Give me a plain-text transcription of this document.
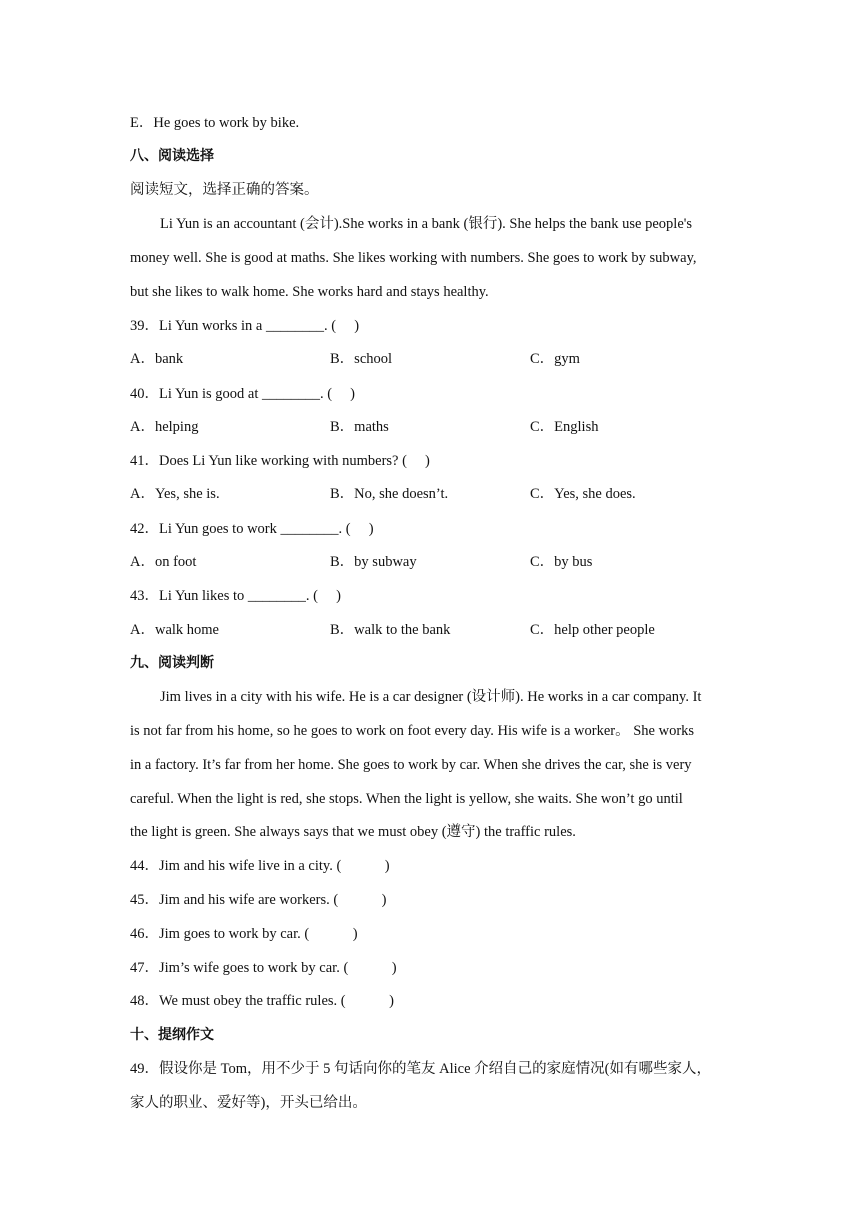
E．He goes to work by bike.
八、阅读选择
阅读短文，选择正确的答案。
Li Yun is an accountant (会计).She works in a bank (银行). She helps the bank use people's
money well. She is good at maths. She likes working with numbers. She goes to work by subway,
but she likes to walk home. She works hard and stays healthy.
39．Li Yun works in a ________. (　 )
A．bank	B．school	C．gym
40．Li Yun is good at ________. (　 )
A．helping	B．maths	C．English
41．Does Li Yun like working with numbers? (　 )
A．Yes, she is.	B．No, she doesn’t.	C．Yes, she does.
42．Li Yun goes to work ________. (　 )
A．on foot	B．by subway	C．by bus
43．Li Yun likes to ________. (　 )
A．walk home	B．walk to the bank	C．help other people
九、阅读判断
Jim lives in a city with his wife. He is a car designer (设计师). He works in a car company. It
is not far from his home, so he goes to work on foot every day. His wife is a worker。 She works
in a factory. It’s far from her home. She goes to work by car. When she drives the car, she is very
careful. When the light is red, she stops. When the light is yellow, she waits. She won’t go until
the light is green. She always says that we must obey (遵守) the traffic rules.
44．Jim and his wife live in a city. (　　　)
45．Jim and his wife are workers. (　　　)
46．Jim goes to work by car. (　　　)
47．Jim’s wife goes to work by car. (　　　)
48．We must obey the traffic rules. (　　　)
十、提纲作文
49．假设你是 Tom，用不少于 5 句话向你的笔友 Alice 介绍自己的家庭情况(如有哪些家人，
家人的职业、爱好等)，开头已给出。
